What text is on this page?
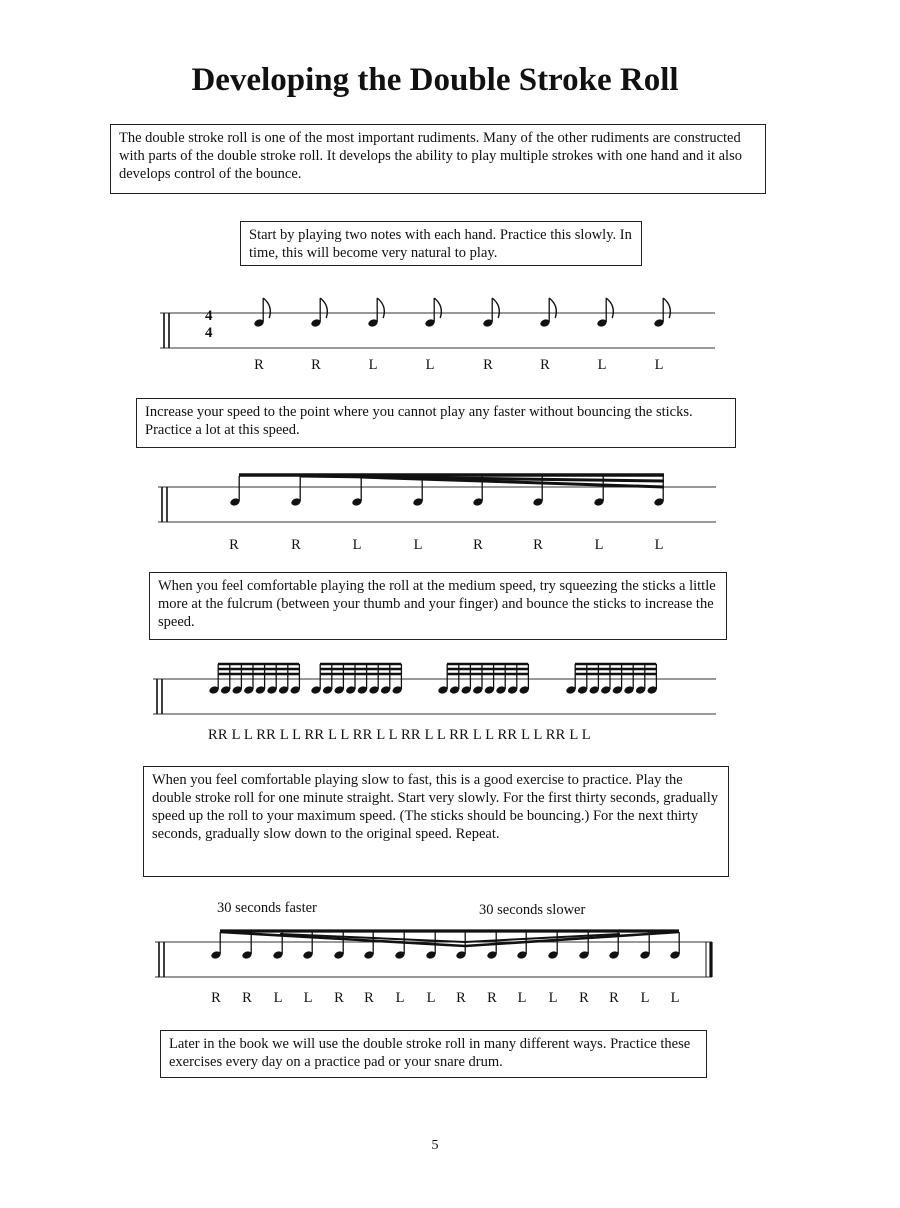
Developing the Double Stroke Roll
The double stroke roll is one of the most important rudiments. Many of the other rudiments are constructed with parts of the double stroke roll. It develops the ability to play multiple strokes with one hand and it also develops control of the bounce.
Start by playing two notes with each hand. Practice this slowly. In time, this will become very natural to play.
4
4
R	R	L	L	R	R	L	L
Increase your speed to the point where you cannot play any faster without bouncing the sticks. Practice a lot at this speed.
R	R	L	L	R	R	L	L
When you feel comfortable playing the roll at the medium speed, try squeezing the sticks a little more at the fulcrum (between your thumb and your finger) and bounce the sticks to increase the speed.
RR L L RR L L RR L L RR L L RR L L RR L L RR L L RR L L
When you feel comfortable playing slow to fast, this is a good exercise to practice. Play the double stroke roll for one minute straight. Start very slowly. For the first thirty seconds, gradually speed up the roll to your maximum speed. (The sticks should be bouncing.) For the next thirty seconds, gradually slow down to the original speed. Repeat.
30 seconds faster	30 seconds slower
R R L L R R L L R R L L R R L L
Later in the book we will use the double stroke roll in many different ways. Practice these exercises every day on a practice pad or your snare drum.
5
